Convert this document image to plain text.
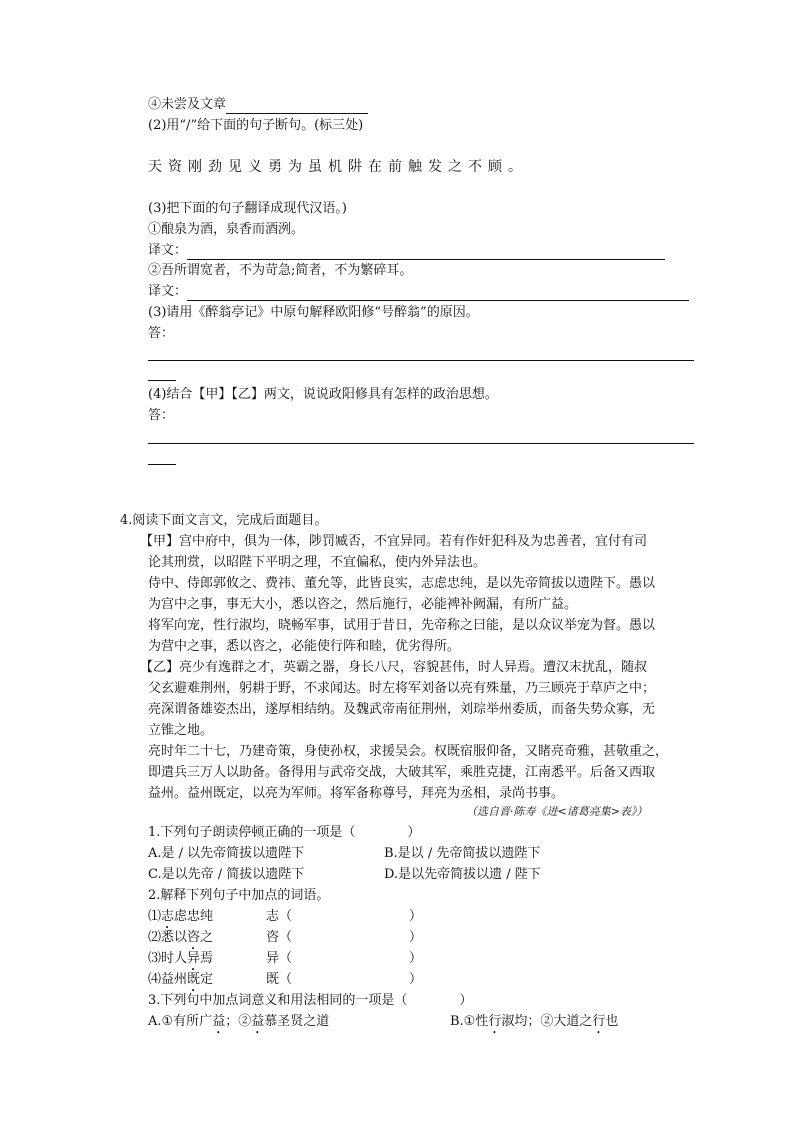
④未尝及文章
(2)用“/”给下面的句子断句。(标三处)
天资刚劲见义勇为虽机阱在前触发之不顾。
(3)把下面的句子翻译成现代汉语。)
①酿泉为酒，泉香而酒洌。
译文：
②吾所谓宽者，不为苛急;简者，不为繁碎耳。
译文：
(3)请用《醉翁亭记》中原句解释欧阳修“号醉翁”的原因。
答：
(4)结合【甲】【乙】两文，说说政阳修具有怎样的政治思想。
答：
4.阅读下面文言文，完成后面题目。
【甲】宫中府中，俱为一体，陟罚臧否，不宜异同。若有作奸犯科及为忠善者，宜付有司
论其刑赏，以昭陛下平明之理，不宜偏私，使内外异法也。
侍中、侍郎郭攸之、费祎、董允等，此皆良实，志虑忠纯，是以先帝简拔以遗陛下。愚以
为宫中之事，事无大小，悉以咨之，然后施行，必能裨补阙漏，有所广益。
将军向宠，性行淑均，晓畅军事，试用于昔日，先帝称之曰能，是以众议举宠为督。愚以
为营中之事，悉以咨之，必能使行阵和睦，优劣得所。
【乙】亮少有逸群之才，英霸之器，身长八尺，容貌甚伟，时人异焉。遭汉末扰乱，随叔
父玄避难荆州，躬耕于野，不求闻达。时左将军刘备以亮有殊量，乃三顾亮于草庐之中；
亮深谓备雄姿杰出，遂厚相结纳。及魏武帝南征荆州，刘琮举州委质，而备失势众寡，无
立锥之地。
亮时年二十七，乃建奇策，身使孙权，求援吴会。权既宿服仰备，又睹亮奇雅，甚敬重之，
即遣兵三万人以助备。备得用与武帝交战，大破其军，乘胜克捷，江南悉平。后备又西取
益州。益州既定，以亮为军师。将军备称尊号，拜亮为丞相，录尚书事。
（选自晋·陈寿《进<诸葛亮集>表》）
1.下列句子朗读停顿正确的一项是（　　　　）
A.是 / 以先帝简拔以遗陛下	B.是以 / 先帝简拔以遗陛下
C.是以先帝 / 简拔以遗陛下	D.是以先帝简拔以遗 / 陛下
2.解释下列句子中加点的词语。
⑴志虑忠纯	志（　　　　　　　　　）
⑵悉以咨之	咨（　　　　　　　　　）
⑶时人异焉	异（　　　　　　　　　）
⑷益州既定	既（　　　　　　　　　）
3.下列句中加点词意义和用法相同的一项是（　　　　）
A.①有所广益；②益慕圣贤之道	B.①性行淑均；②大道之行也
